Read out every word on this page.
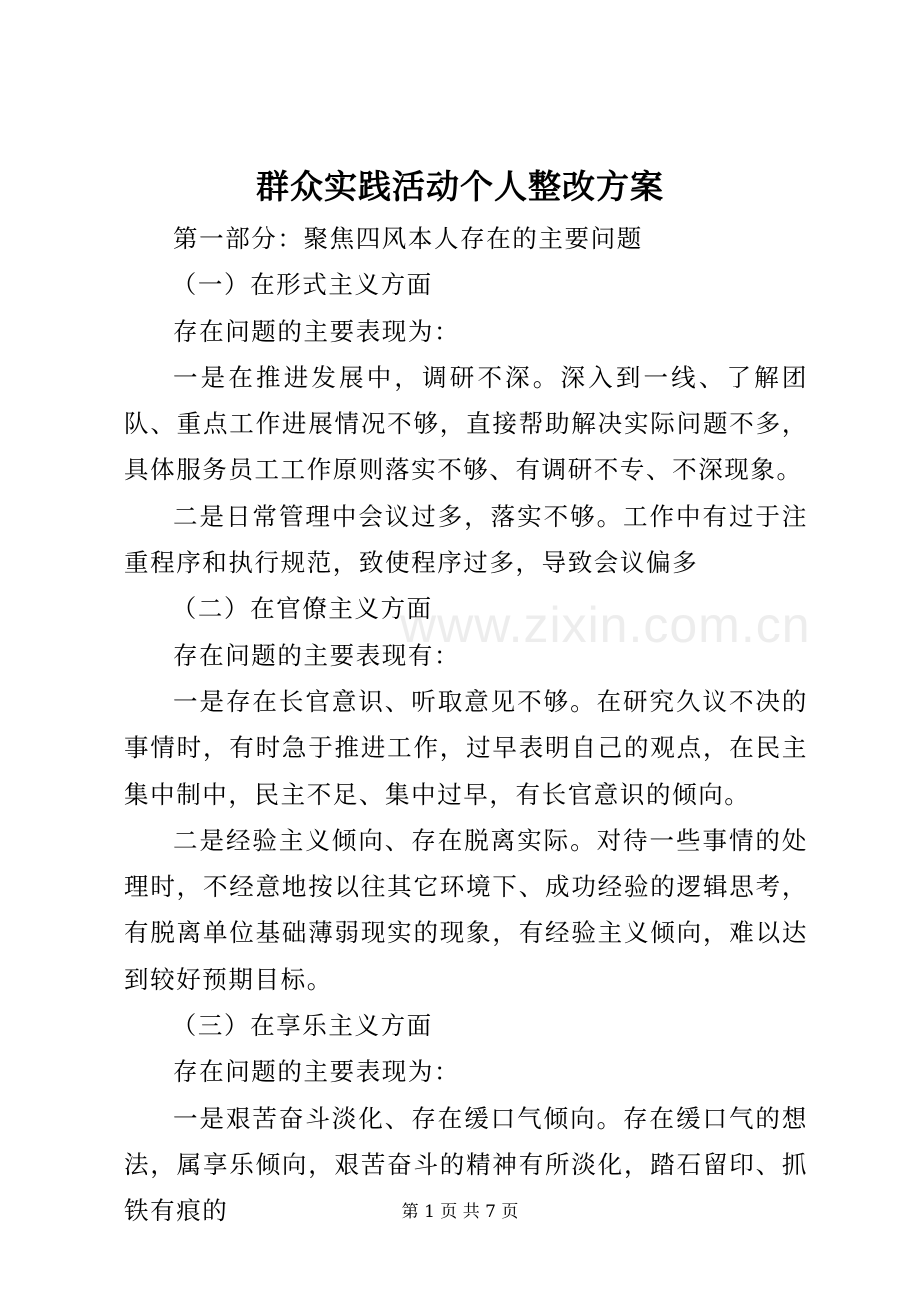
群众实践活动个人整改方案

第一部分：聚焦四风本人存在的主要问题

（一）在形式主义方面

存在问题的主要表现为：

一是在推进发展中，调研不深。深入到一线、了解团队、重点工作进展情况不够，直接帮助解决实际问题不多，具体服务员工工作原则落实不够、有调研不专、不深现象。

二是日常管理中会议过多，落实不够。工作中有过于注重程序和执行规范，致使程序过多，导致会议偏多

（二）在官僚主义方面

存在问题的主要表现有：

一是存在长官意识、听取意见不够。在研究久议不决的事情时，有时急于推进工作，过早表明自己的观点，在民主集中制中，民主不足、集中过早，有长官意识的倾向。

二是经验主义倾向、存在脱离实际。对待一些事情的处理时，不经意地按以往其它环境下、成功经验的逻辑思考，有脱离单位基础薄弱现实的现象，有经验主义倾向，难以达到较好预期目标。

（三）在享乐主义方面

存在问题的主要表现为：

一是艰苦奋斗淡化、存在缓口气倾向。存在缓口气的想法，属享乐倾向，艰苦奋斗的精神有所淡化，踏石留印、抓铁有痕的

www.zixin.com.cn
第 1 页 共 7 页
